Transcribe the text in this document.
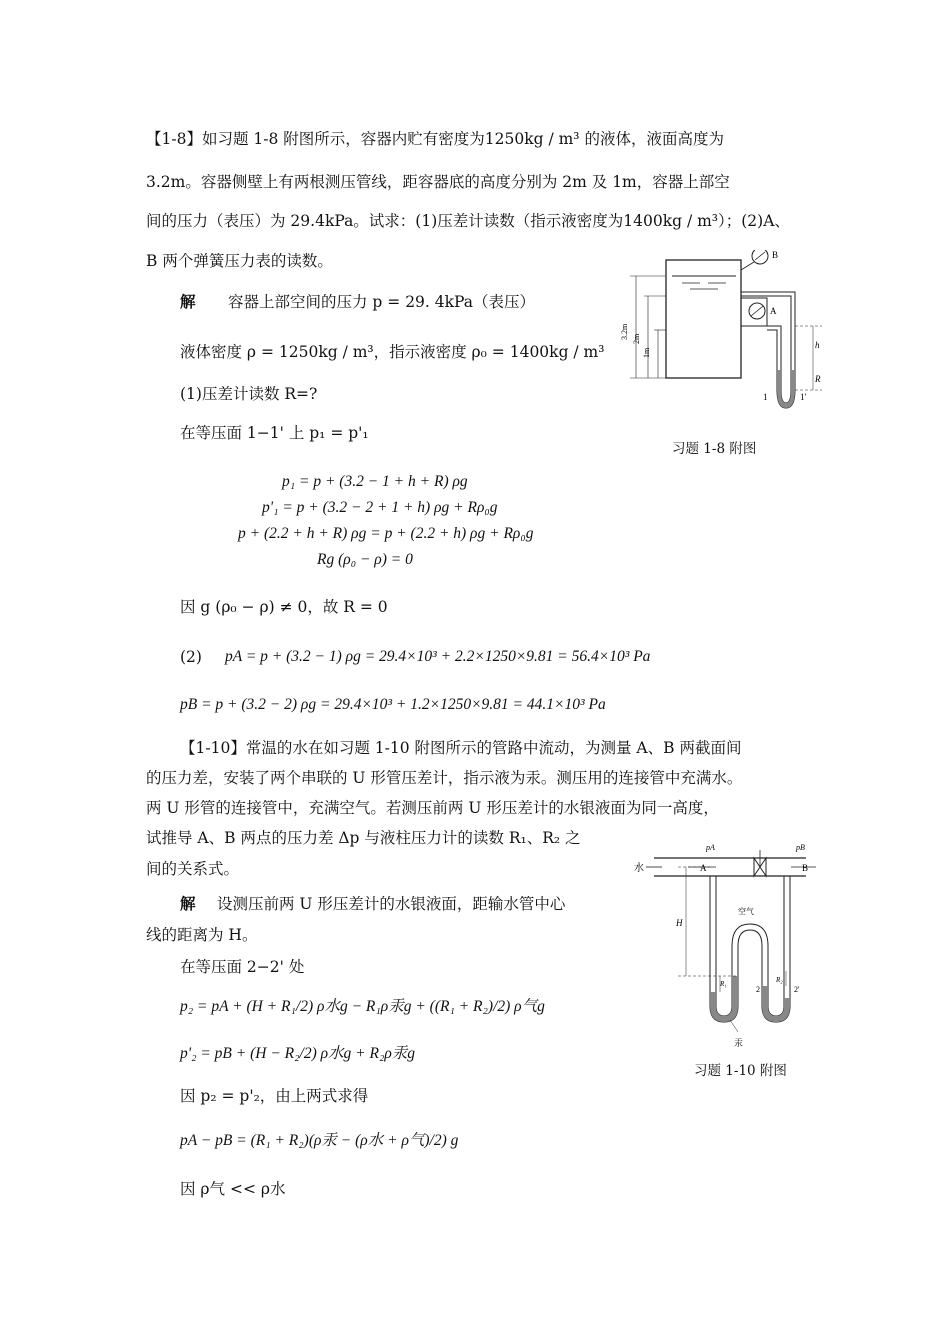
【1-8】如习题 1-8 附图所示，容器内贮有密度为1250kg / m³ 的液体，液面高度为
3.2m。容器侧壁上有两根测压管线，距容器底的高度分别为 2m 及 1m，容器上部空
间的压力（表压）为 29.4kPa。试求：(1)压差计读数（指示液密度为1400kg / m³）；(2)A、
B 两个弹簧压力表的读数。
解 容器上部空间的压力 p = 29. 4kPa（表压）
液体密度 ρ = 1250kg / m³，指示液密度 ρ₀ = 1400kg / m³
(1)压差计读数 R=?
在等压面 1−1' 上 p₁ = p'₁
p₁ = p + (3.2 − 1 + h + R) ρg
p'₁ = p + (3.2 − 2 + 1 + h) ρg + Rρ₀g
p + (2.2 + h + R) ρg = p + (2.2 + h) ρg + Rρ₀g
Rg (ρ₀ − ρ) = 0
因 g (ρ₀ − ρ) ≠ 0，故 R = 0
(2) pA = p + (3.2 − 1) ρg = 29.4×10³ + 2.2×1250×9.81 = 56.4×10³ Pa
pB = p + (3.2 − 2) ρg = 29.4×10³ + 1.2×1250×9.81 = 44.1×10³ Pa
B
A
3.2m 2m
1m
h
R
1	1'
习题 1-8 附图
【1-10】常温的水在如习题 1-10 附图所示的管路中流动，为测量 A、B 两截面间
的压力差，安装了两个串联的 U 形管压差计，指示液为汞。测压用的连接管中充满水。
两 U 形管的连接管中，充满空气。若测压前两 U 形压差计的水银液面为同一高度，
试推导 A、B 两点的压力差 Δp 与液柱压力计的读数 R₁、R₂ 之
间的关系式。
解 设测压前两 U 形压差计的水银液面，距输水管中心
线的距离为 H。
在等压面 2−2' 处
p₂ = pA + (H + R₁/2) ρ水g − R₁ρ汞g + ((R₁ + R₂)/2) ρ气g
p'₂ = pB + (H − R₂/2) ρ水g + R₂ρ汞g
因 p₂ = p'₂，由上两式求得
pA − pB = (R₁ + R₂)(ρ汞 − (ρ水 + ρ气)/2) g
因 ρ气 << ρ水
水
pA	pB
A	B
空气
H
R₁	R₂
2	2'
汞
习题 1-10 附图
